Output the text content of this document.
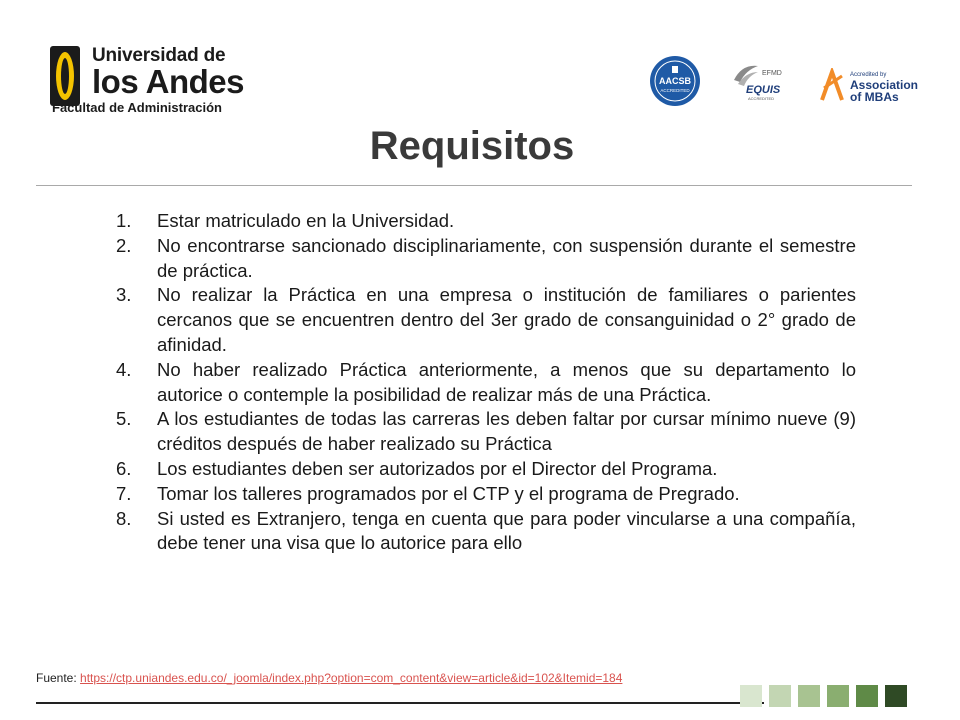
Universidad de
los Andes
Facultad de Administración
AACSB
ACCREDITED
EFMD
EQUIS
ACCREDITED
Accredited by
Association
of MBAs
Requisitos
1. Estar matriculado en la Universidad.
2. No encontrarse sancionado disciplinariamente, con suspensión durante el semestre de práctica.
3. No realizar la Práctica en una empresa o institución de familiares o parientes cercanos que se encuentren dentro del 3er grado de consanguinidad o 2° grado de afinidad.
4. No haber realizado Práctica anteriormente, a menos que su departamento lo autorice o contemple la posibilidad de realizar más de una Práctica.
5. A los estudiantes de todas las carreras les deben faltar por cursar mínimo nueve (9) créditos después de haber realizado su Práctica
6. Los estudiantes deben ser autorizados por el Director del Programa.
7. Tomar los talleres programados por el CTP y el programa de Pregrado.
8. Si usted es Extranjero, tenga en cuenta que para poder vincularse a una compañía, debe tener una visa que lo autorice para ello
Fuente: https://ctp.uniandes.edu.co/_joomla/index.php?option=com_content&view=article&id=102&Itemid=184
